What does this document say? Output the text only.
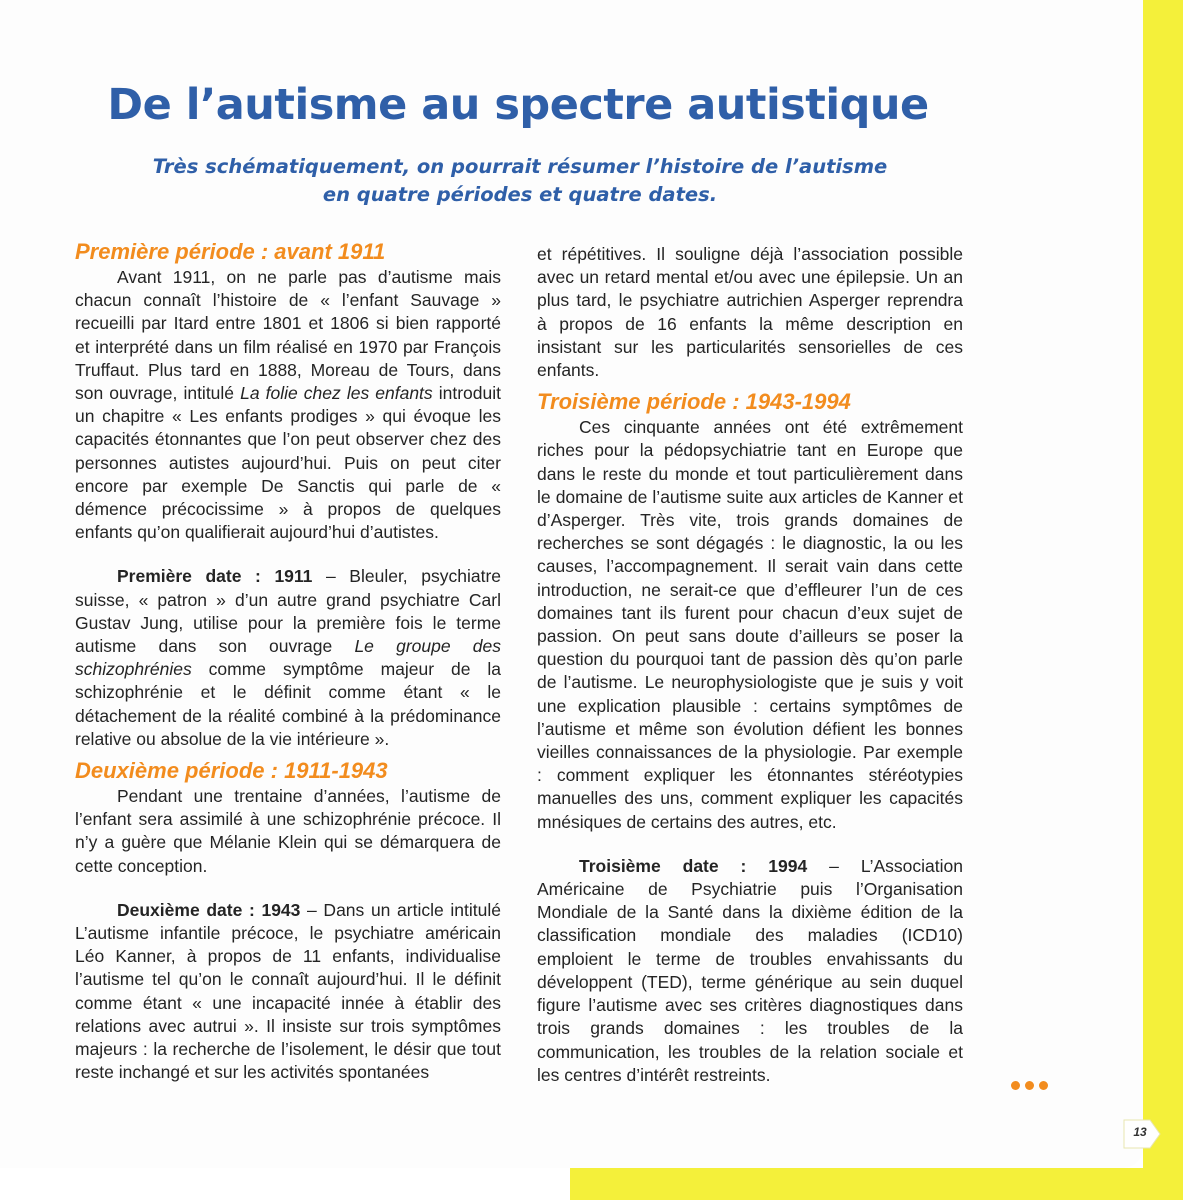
De l’autisme au spectre autistique
Très schématiquement, on pourrait résumer l’histoire de l’autisme
en quatre périodes et quatre dates.
Première période : avant 1911

Avant 1911, on ne parle pas d’autisme mais chacun connaît l’histoire de « l’enfant Sauvage » recueilli par Itard entre 1801 et 1806 si bien rapporté et interprété dans un film réalisé en 1970 par François Truffaut. Plus tard en 1888, Moreau de Tours, dans son ouvrage, intitulé La folie chez les enfants introduit un chapitre « Les enfants prodiges » qui évoque les capacités étonnantes que l’on peut observer chez des personnes autistes aujourd’hui. Puis on peut citer encore par exemple De Sanctis qui parle de « démence précocissime » à propos de quelques enfants qu’on qualifierait aujourd’hui d’autistes.

Première date : 1911 – Bleuler, psychiatre suisse, « patron » d’un autre grand psychiatre Carl Gustav Jung, utilise pour la première fois le terme autisme dans son ouvrage Le groupe des schizophrénies comme symptôme majeur de la schizophrénie et le définit comme étant « le détachement de la réalité combiné à la prédominance relative ou absolue de la vie intérieure ».

Deuxième période : 1911-1943

Pendant une trentaine d’années, l’autisme de l’enfant sera assimilé à une schizophrénie précoce. Il n’y a guère que Mélanie Klein qui se démarquera de cette conception.

Deuxième date : 1943 – Dans un article intitulé L’autisme infantile précoce, le psychiatre américain Léo Kanner, à propos de 11 enfants, individualise l’autisme tel qu’on le connaît aujourd’hui. Il le définit comme étant « une incapacité innée à établir des relations avec autrui ». Il insiste sur trois symptômes majeurs : la recherche de l’isolement, le désir que tout reste inchangé et sur les activités spontanées

et répétitives. Il souligne déjà l’association possible avec un retard mental et/ou avec une épilepsie. Un an plus tard, le psychiatre autrichien Asperger reprendra à propos de 16 enfants la même description en insistant sur les particularités sensorielles de ces enfants.

Troisième période : 1943-1994

Ces cinquante années ont été extrêmement riches pour la pédopsychiatrie tant en Europe que dans le reste du monde et tout particulièrement dans le domaine de l’autisme suite aux articles de Kanner et d’Asperger. Très vite, trois grands domaines de recherches se sont dégagés : le diagnostic, la ou les causes, l’accompagnement. Il serait vain dans cette introduction, ne serait-ce que d’effleurer l’un de ces domaines tant ils furent pour chacun d’eux sujet de passion. On peut sans doute d’ailleurs se poser la question du pourquoi tant de passion dès qu’on parle de l’autisme. Le neurophysiologiste que je suis y voit une explication plausible : certains symptômes de l’autisme et même son évolution défient les bonnes vieilles connaissances de la physiologie. Par exemple : comment expliquer les étonnantes stéréotypies manuelles des uns, comment expliquer les capacités mnésiques de certains des autres, etc.

Troisième date : 1994 – L’Association Américaine de Psychiatrie puis l’Organisation Mondiale de la Santé dans la dixième édition de la classification mondiale des maladies (ICD10) emploient le terme de troubles envahissants du développent (TED), terme générique au sein duquel figure l’autisme avec ses critères diagnostiques dans trois grands domaines : les troubles de la communication, les troubles de la relation sociale et les centres d’intérêt restreints.

13
